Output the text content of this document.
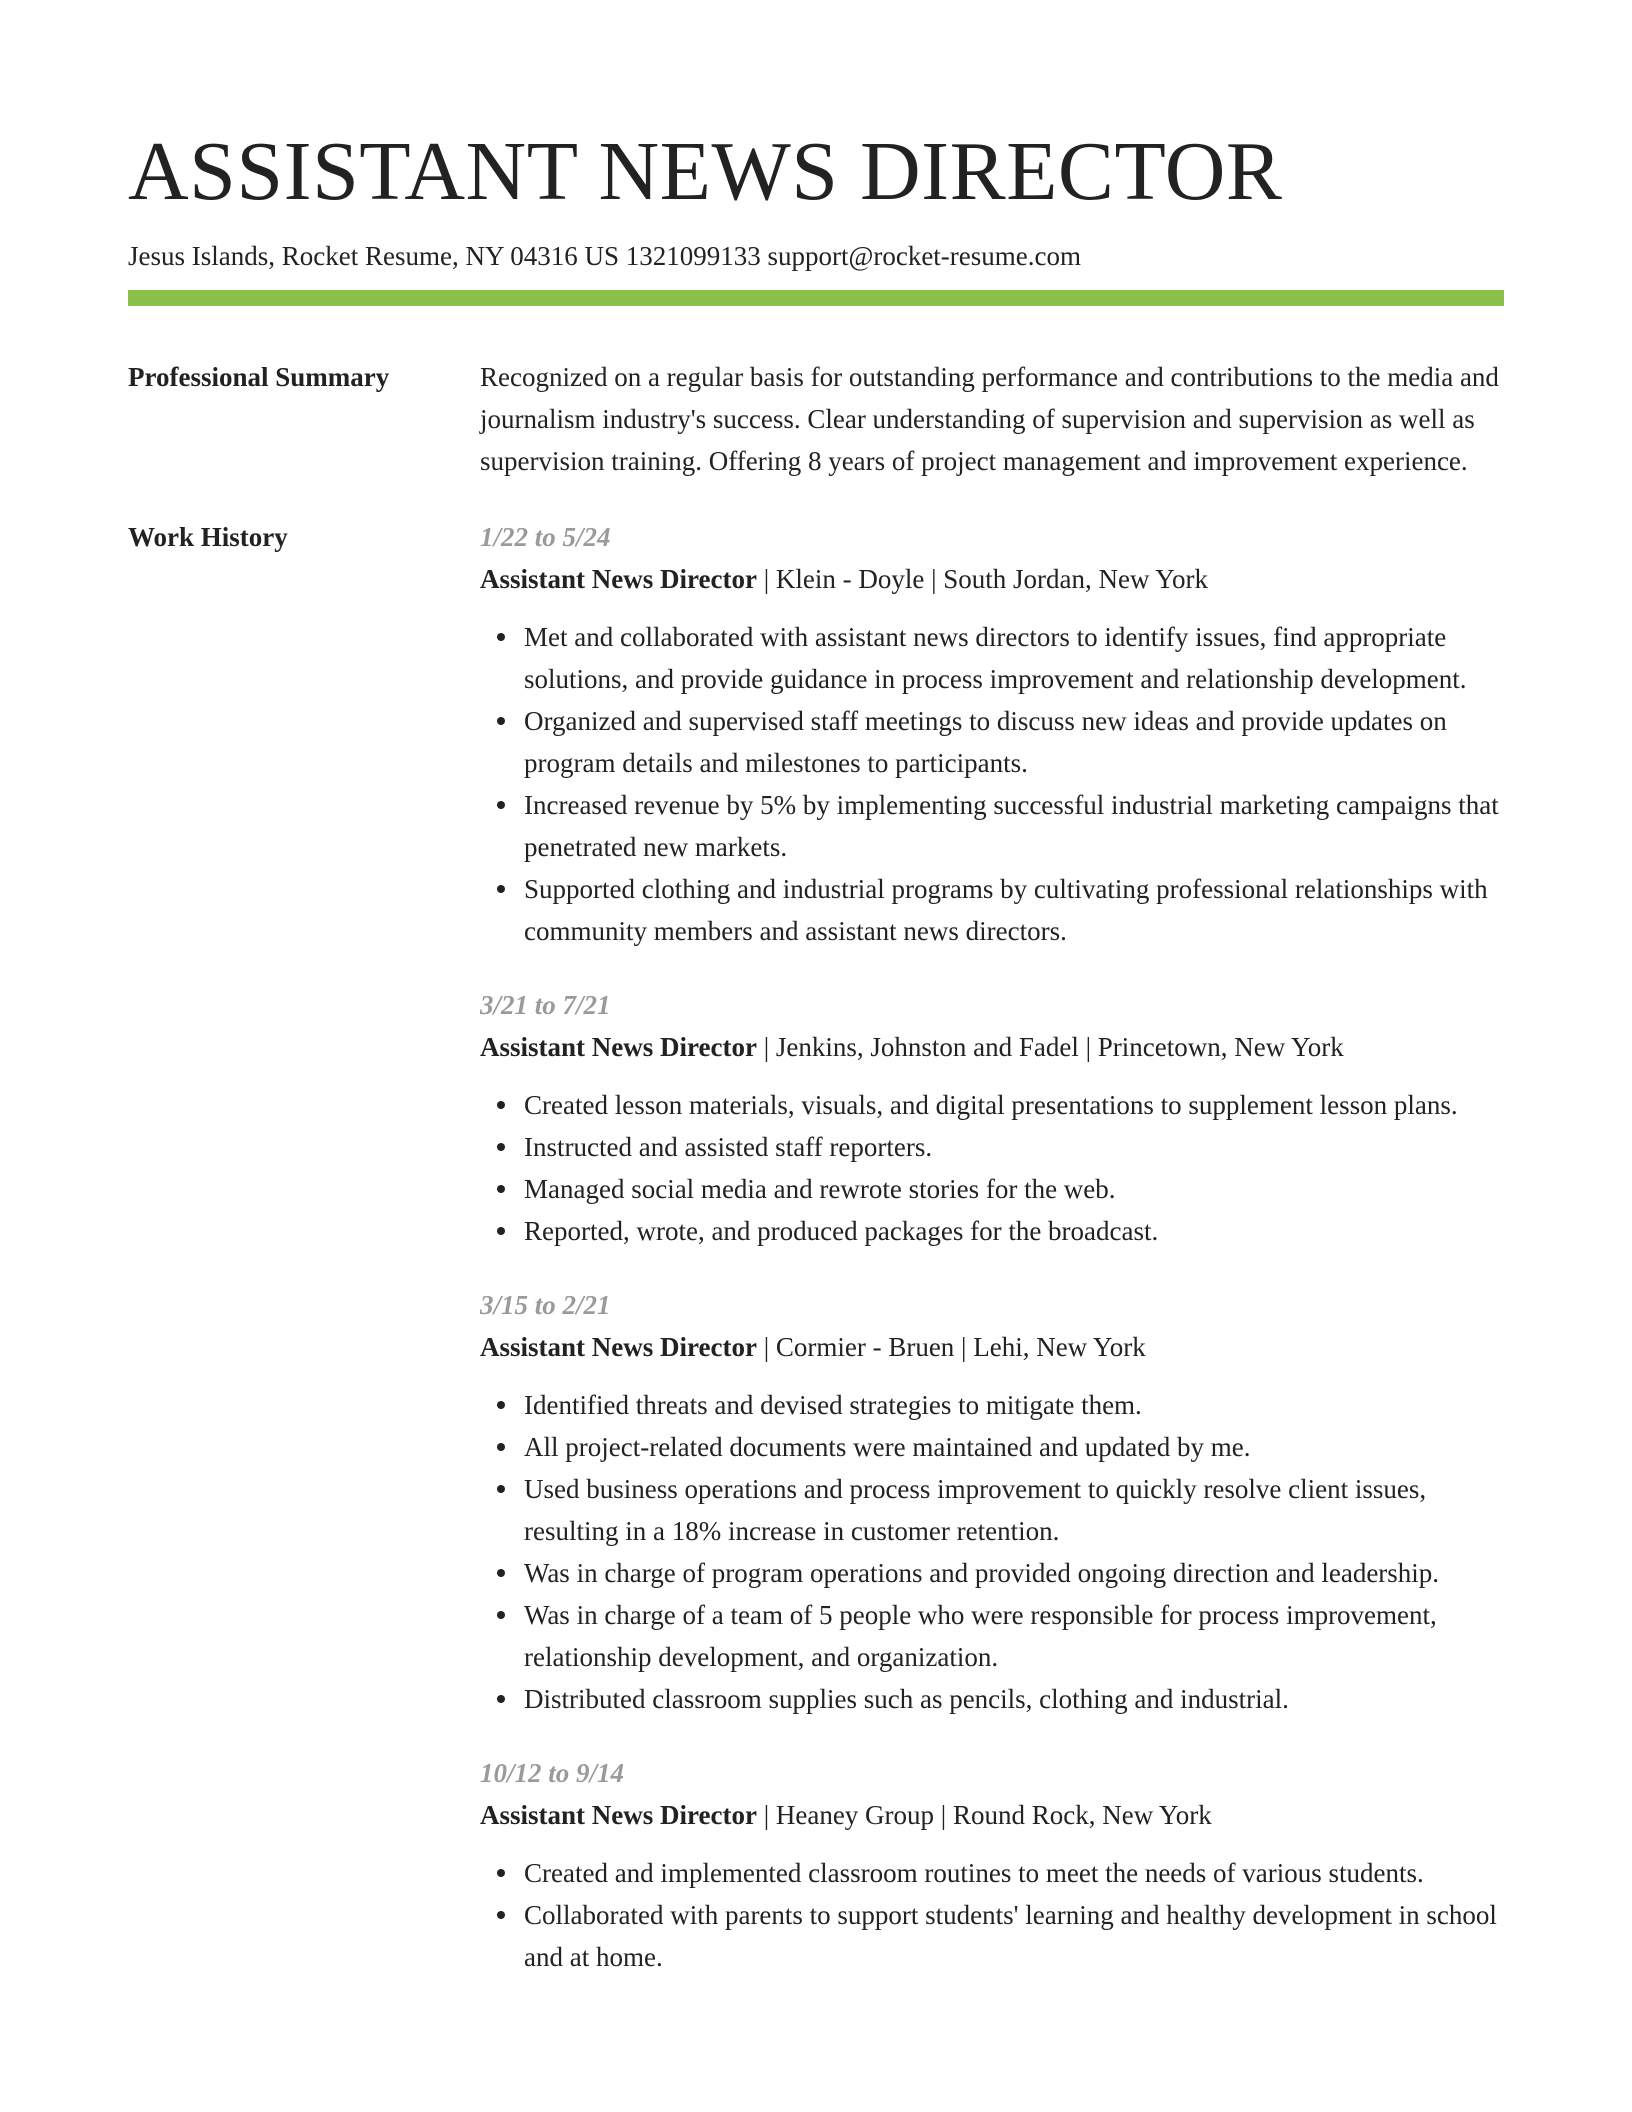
ASSISTANT NEWS DIRECTOR
Jesus Islands, Rocket Resume, NY 04316 US 1321099133 support@rocket-resume.com
Professional Summary	Recognized on a regular basis for outstanding performance and contributions to the media and journalism industry's success. Clear understanding of supervision and supervision as well as supervision training. Offering 8 years of project management and improvement experience.

Work History	1/22 to 5/24
Assistant News Director | Klein - Doyle | South Jordan, New York
Met and collaborated with assistant news directors to identify issues, find appropriate solutions, and provide guidance in process improvement and relationship development.
Organized and supervised staff meetings to discuss new ideas and provide updates on program details and milestones to participants.
Increased revenue by 5% by implementing successful industrial marketing campaigns that penetrated new markets.
Supported clothing and industrial programs by cultivating professional relationships with community members and assistant news directors.
3/21 to 7/21
Assistant News Director | Jenkins, Johnston and Fadel | Princetown, New York
Created lesson materials, visuals, and digital presentations to supplement lesson plans.
Instructed and assisted staff reporters.
Managed social media and rewrote stories for the web.
Reported, wrote, and produced packages for the broadcast.
3/15 to 2/21
Assistant News Director | Cormier - Bruen | Lehi, New York
Identified threats and devised strategies to mitigate them.
All project-related documents were maintained and updated by me.
Used business operations and process improvement to quickly resolve client issues, resulting in a 18% increase in customer retention.
Was in charge of program operations and provided ongoing direction and leadership.
Was in charge of a team of 5 people who were responsible for process improvement, relationship development, and organization.
Distributed classroom supplies such as pencils, clothing and industrial.
10/12 to 9/14
Assistant News Director | Heaney Group | Round Rock, New York
Created and implemented classroom routines to meet the needs of various students.
Collaborated with parents to support students' learning and healthy development in school and at home.
